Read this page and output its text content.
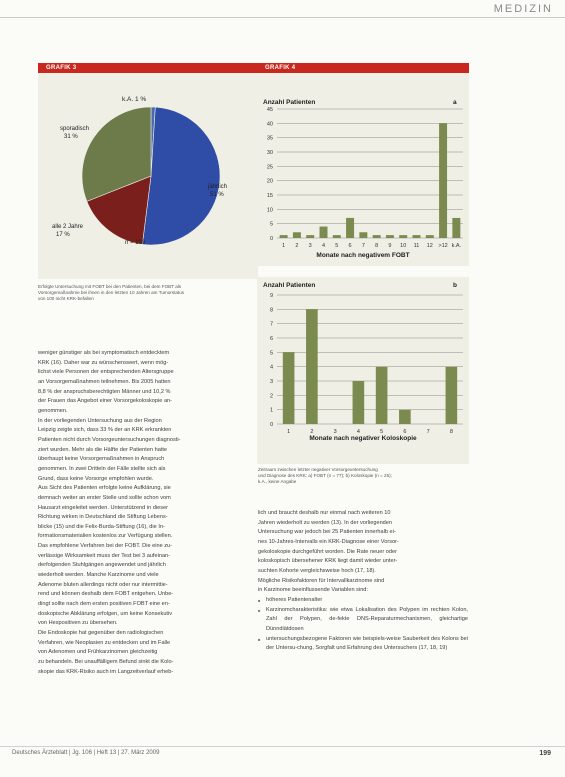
MEDIZIN
GRAFIK 3
k.A. 1 %
sporadisch
31 %
jährlich
51 %
alle 2 Jahre
17 %
n = 100
Erfolgte Untersuchung mit FOBT bei den Patienten, bei dem FOBT als
Vorsorgemaßnahme bei ihnen in den letzten 10 Jahren am Tumorstatus
von 100 nicht KRK-befallen
GRAFIK 4
Anzahl Patienten	a
0
5
10
15
20
25
30
35
40
45
1 2 3 4 5 6 7 8 9 10 11 12 >12 k.A.
Monate nach negativem FOBT
Anzahl Patienten	b
0
1
2
3
4
5
6
7
8
9
1	2	3	4	5	6	7	8
Monate nach negativer Koloskopie
Zeitraum zwischen letzter negativer Vorsorgeuntersuchung
und Diagnose des KRK: a) FOBT (n = 77); b) Koloskopie (n = 25);
k.A., keine Angabe

weniger günstiger als bei symptomatisch entdecktem

KRK (16). Daher war zu wünschenswert, wenn mög-

lichst viele Personen der entsprechenden Altersgruppe

an Vorsorgemaßnahmen teilnehmen. Bis 2005 hatten

8,8 % der anspruchsberechtigten Männer und 10,2 %

der Frauen das Angebot einer Vorsorgekoloskopie an-

genommen.

In der vorliegenden Untersuchung aus der Region

Leipzig zeigte sich, dass 33 % der an KRK erkrankten

Patienten nicht durch Vorsorgeuntersuchungen diagnosti-

ziert wurden. Mehr als die Hälfte der Patienten hatte

überhaupt keine Vorsorgemaßnahmen in Anspruch

genommen. In zwei Dritteln der Fälle stellte sich als

Grund, dass keine Vorsorge empfohlen wurde.

Aus Sicht des Patienten erfolgte keine Aufklärung, sie

demnach weiter an erster Stelle und sollte schon vom

Hausarzt eingeleitet werden. Unterstützend in dieser

Richtung wirken in Deutschland die Stiftung Lebens-

blicke (15) und die Felix-Burda-Stiftung (16), die In-

formationsmaterialien kostenlos zur Verfügung stellen.

Das empfohlene Verfahren bei der FOBT. Die eine zu-

verlässige Wirksamkeit muss der Test bei 3 aufeinan-

derfolgenden Stuhlgängen angewendet und jährlich

wiederholt werden. Manche Karzinome und viele

Adenome bluten allerdings nicht oder nur intermittie-

rend und können deshalb dem FOBT entgehen. Unbe-

dingt sollte nach dem ersten positiven FOBT eine en-

doskopische Abklärung erfolgen, um keine Konsekutiv

von Hespositiven zu übersehen.

Die Endoskopie hat gegenüber den radiologischen

Verfahren, wie Neoplasien zu entdecken und im Falle

von Adenomen und Frühkarzinomen gleichzeitig

zu behandeln. Bei unauffälligem Befund sinkt die Kolo-

skopie das KRK-Risiko auch im Langzeitverlauf erheb-

lich und braucht deshalb nur einmal nach weiteren 10

Jahren wiederholt zu werden (13). In der vorliegenden

Untersuchung war jedoch bei 25 Patienten innerhalb ei-

nes 10-Jahres-Intervalls ein KRK-Diagnose einer Vorsor-

gekoloskopie durchgeführt worden. Die Rate neuer oder

koloskopisch übersehener KRK liegt damit wieder unter-

suchten Kohorte vergleichsweise hoch (17, 18).

Mögliche Risikofaktoren für Intervallkarzinome sind

in Karzinome beeinflussende Variablen sind:

■ höheres Patientenalter
■ Karzinomcharakteristika: wie etwa Lokalisation des Polypen im rechten Kolon, Zahl der Polypen, de-fekte DNS-Reparaturmechanismen, gleichartige Dünndiätdosen
■ untersuchungsbezogene Faktoren wie beispiels-weise Sauberkeit des Kolons bei der Untersu-chung, Sorgfalt und Erfahrung des Untersuchers (17, 18, 19)
Deutsches Ärzteblatt | Jg. 106 | Heft 13 | 27. März 2009	199
